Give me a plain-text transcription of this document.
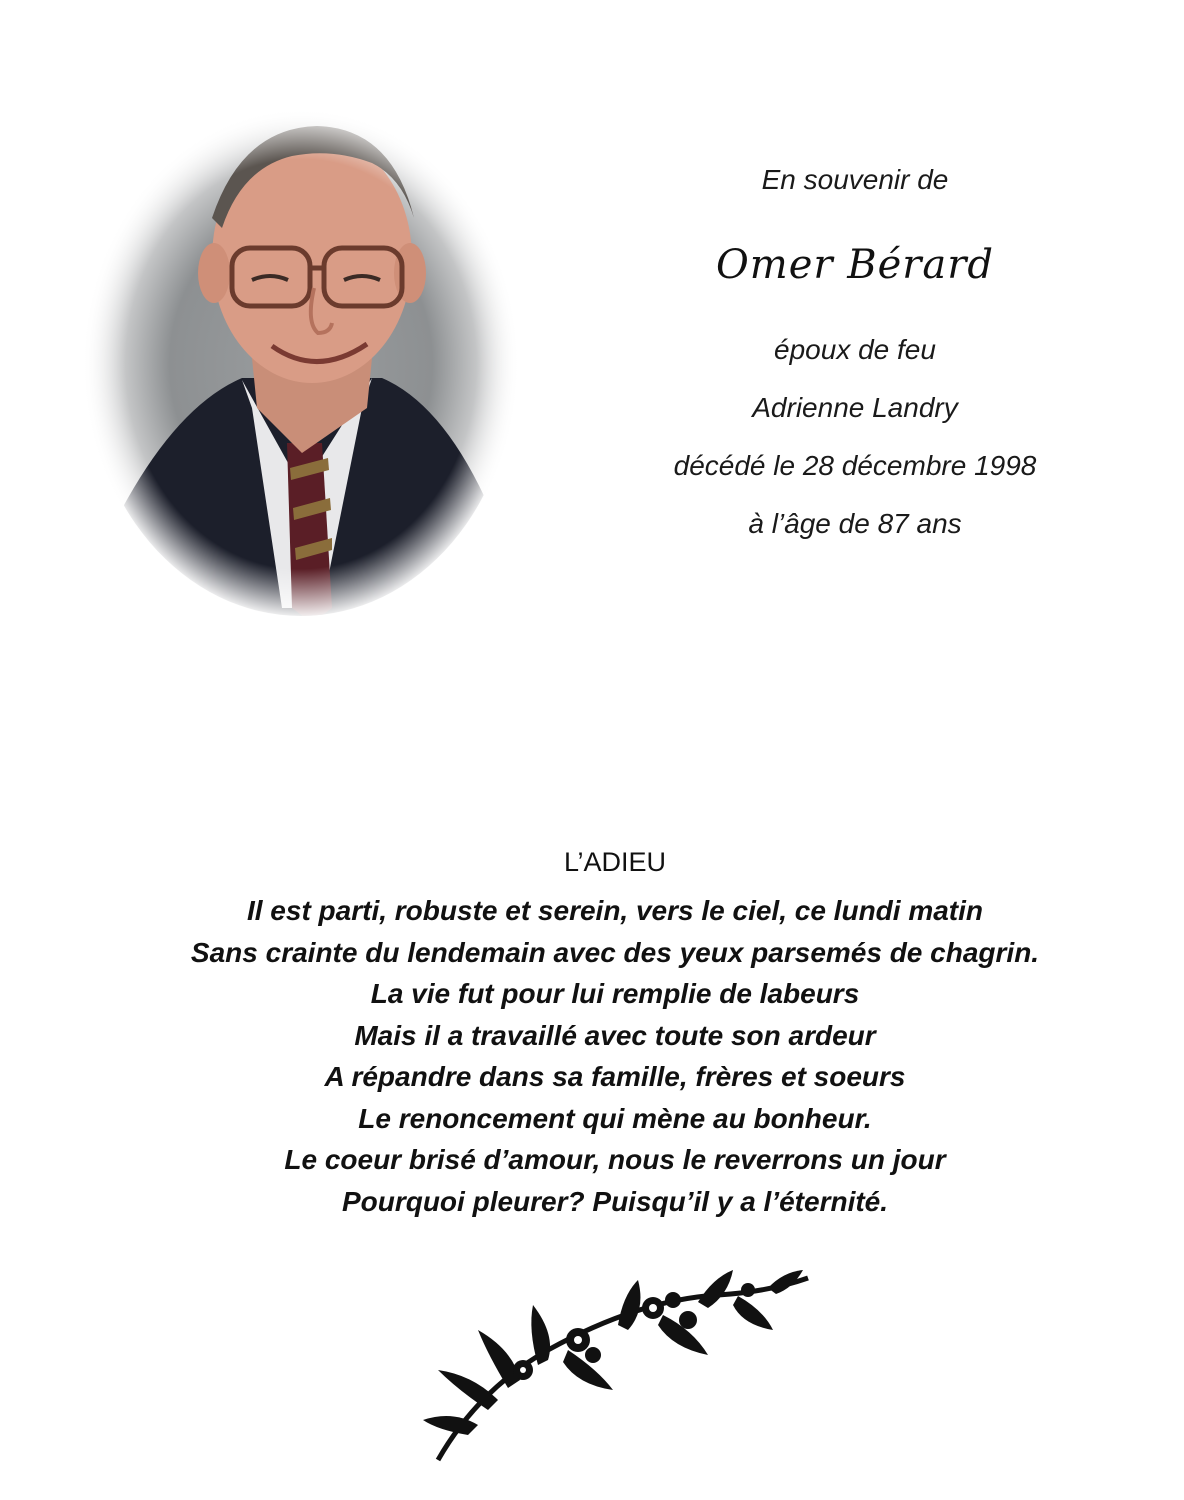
En souvenir de

Omer Bérard

époux de feu

Adrienne Landry

décédé le 28 décembre 1998

à l’âge de 87 ans

L’ADIEU

Il est parti, robuste et serein, vers le ciel, ce lundi matin

Sans crainte du lendemain avec des yeux parsemés de chagrin.

La vie fut pour lui remplie de labeurs

Mais il a travaillé avec toute son ardeur

A répandre dans sa famille, frères et soeurs

Le renoncement qui mène au bonheur.

Le coeur brisé d’amour, nous le reverrons un jour

Pourquoi pleurer? Puisqu’il y a l’éternité.
